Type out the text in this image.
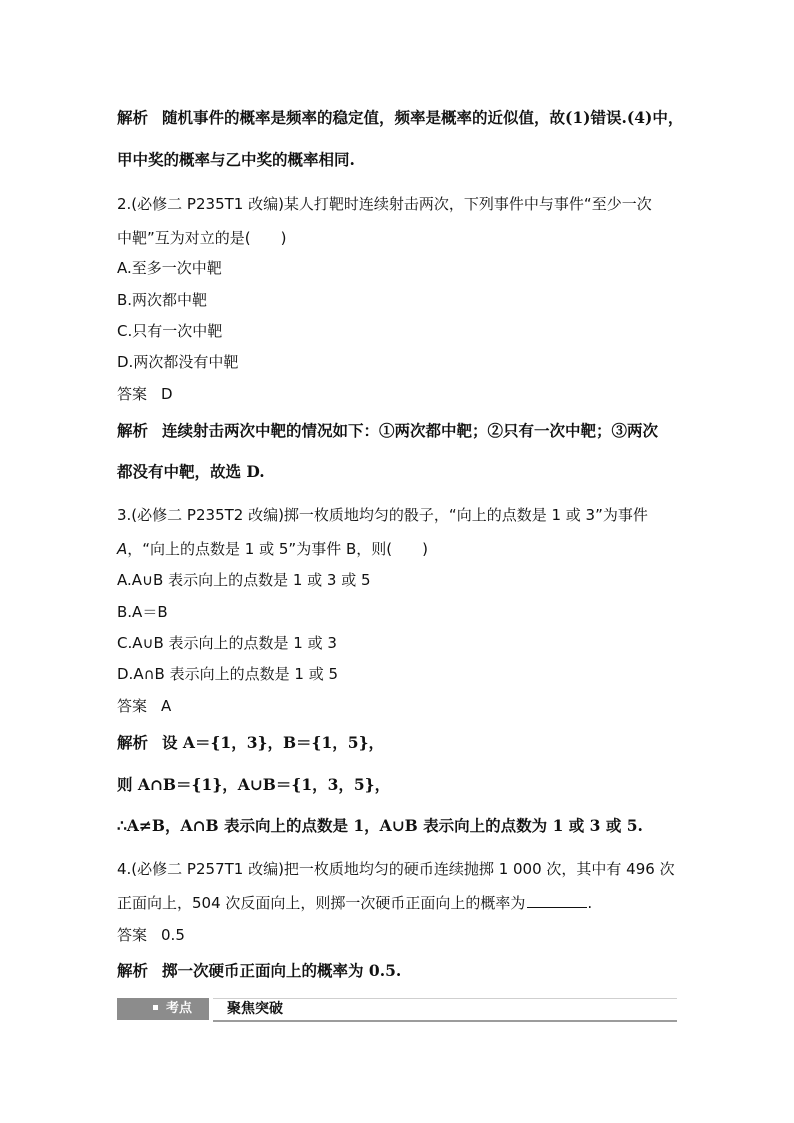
解析 随机事件的概率是频率的稳定值，频率是概率的近似值，故(1)错误.(4)中，
甲中奖的概率与乙中奖的概率相同.
2.(必修二 P235T1 改编)某人打靶时连续射击两次，下列事件中与事件“至少一次
中靶”互为对立的是(　　)
A.至多一次中靶
B.两次都中靶
C.只有一次中靶
D.两次都没有中靶
答案 D
解析 连续射击两次中靶的情况如下：①两次都中靶；②只有一次中靶；③两次
都没有中靶，故选 D.
3.(必修二 P235T2 改编)掷一枚质地均匀的骰子，“向上的点数是 1 或 3”为事件
A，“向上的点数是 1 或 5”为事件 B，则(　　)
A.A∪B 表示向上的点数是 1 或 3 或 5
B.A＝B
C.A∪B 表示向上的点数是 1 或 3
D.A∩B 表示向上的点数是 1 或 5
答案 A
解析 设 A＝{1，3}，B＝{1，5}，
则 A∩B＝{1}，A∪B＝{1，3，5}，
∴A≠B，A∩B 表示向上的点数是 1，A∪B 表示向上的点数为 1 或 3 或 5.
4.(必修二 P257T1 改编)把一枚质地均匀的硬币连续抛掷 1 000 次，其中有 496 次
正面向上，504 次反面向上，则掷一次硬币正面向上的概率为	.
答案 0.5
解析 掷一次硬币正面向上的概率为 0.5.
考点	聚焦突破
